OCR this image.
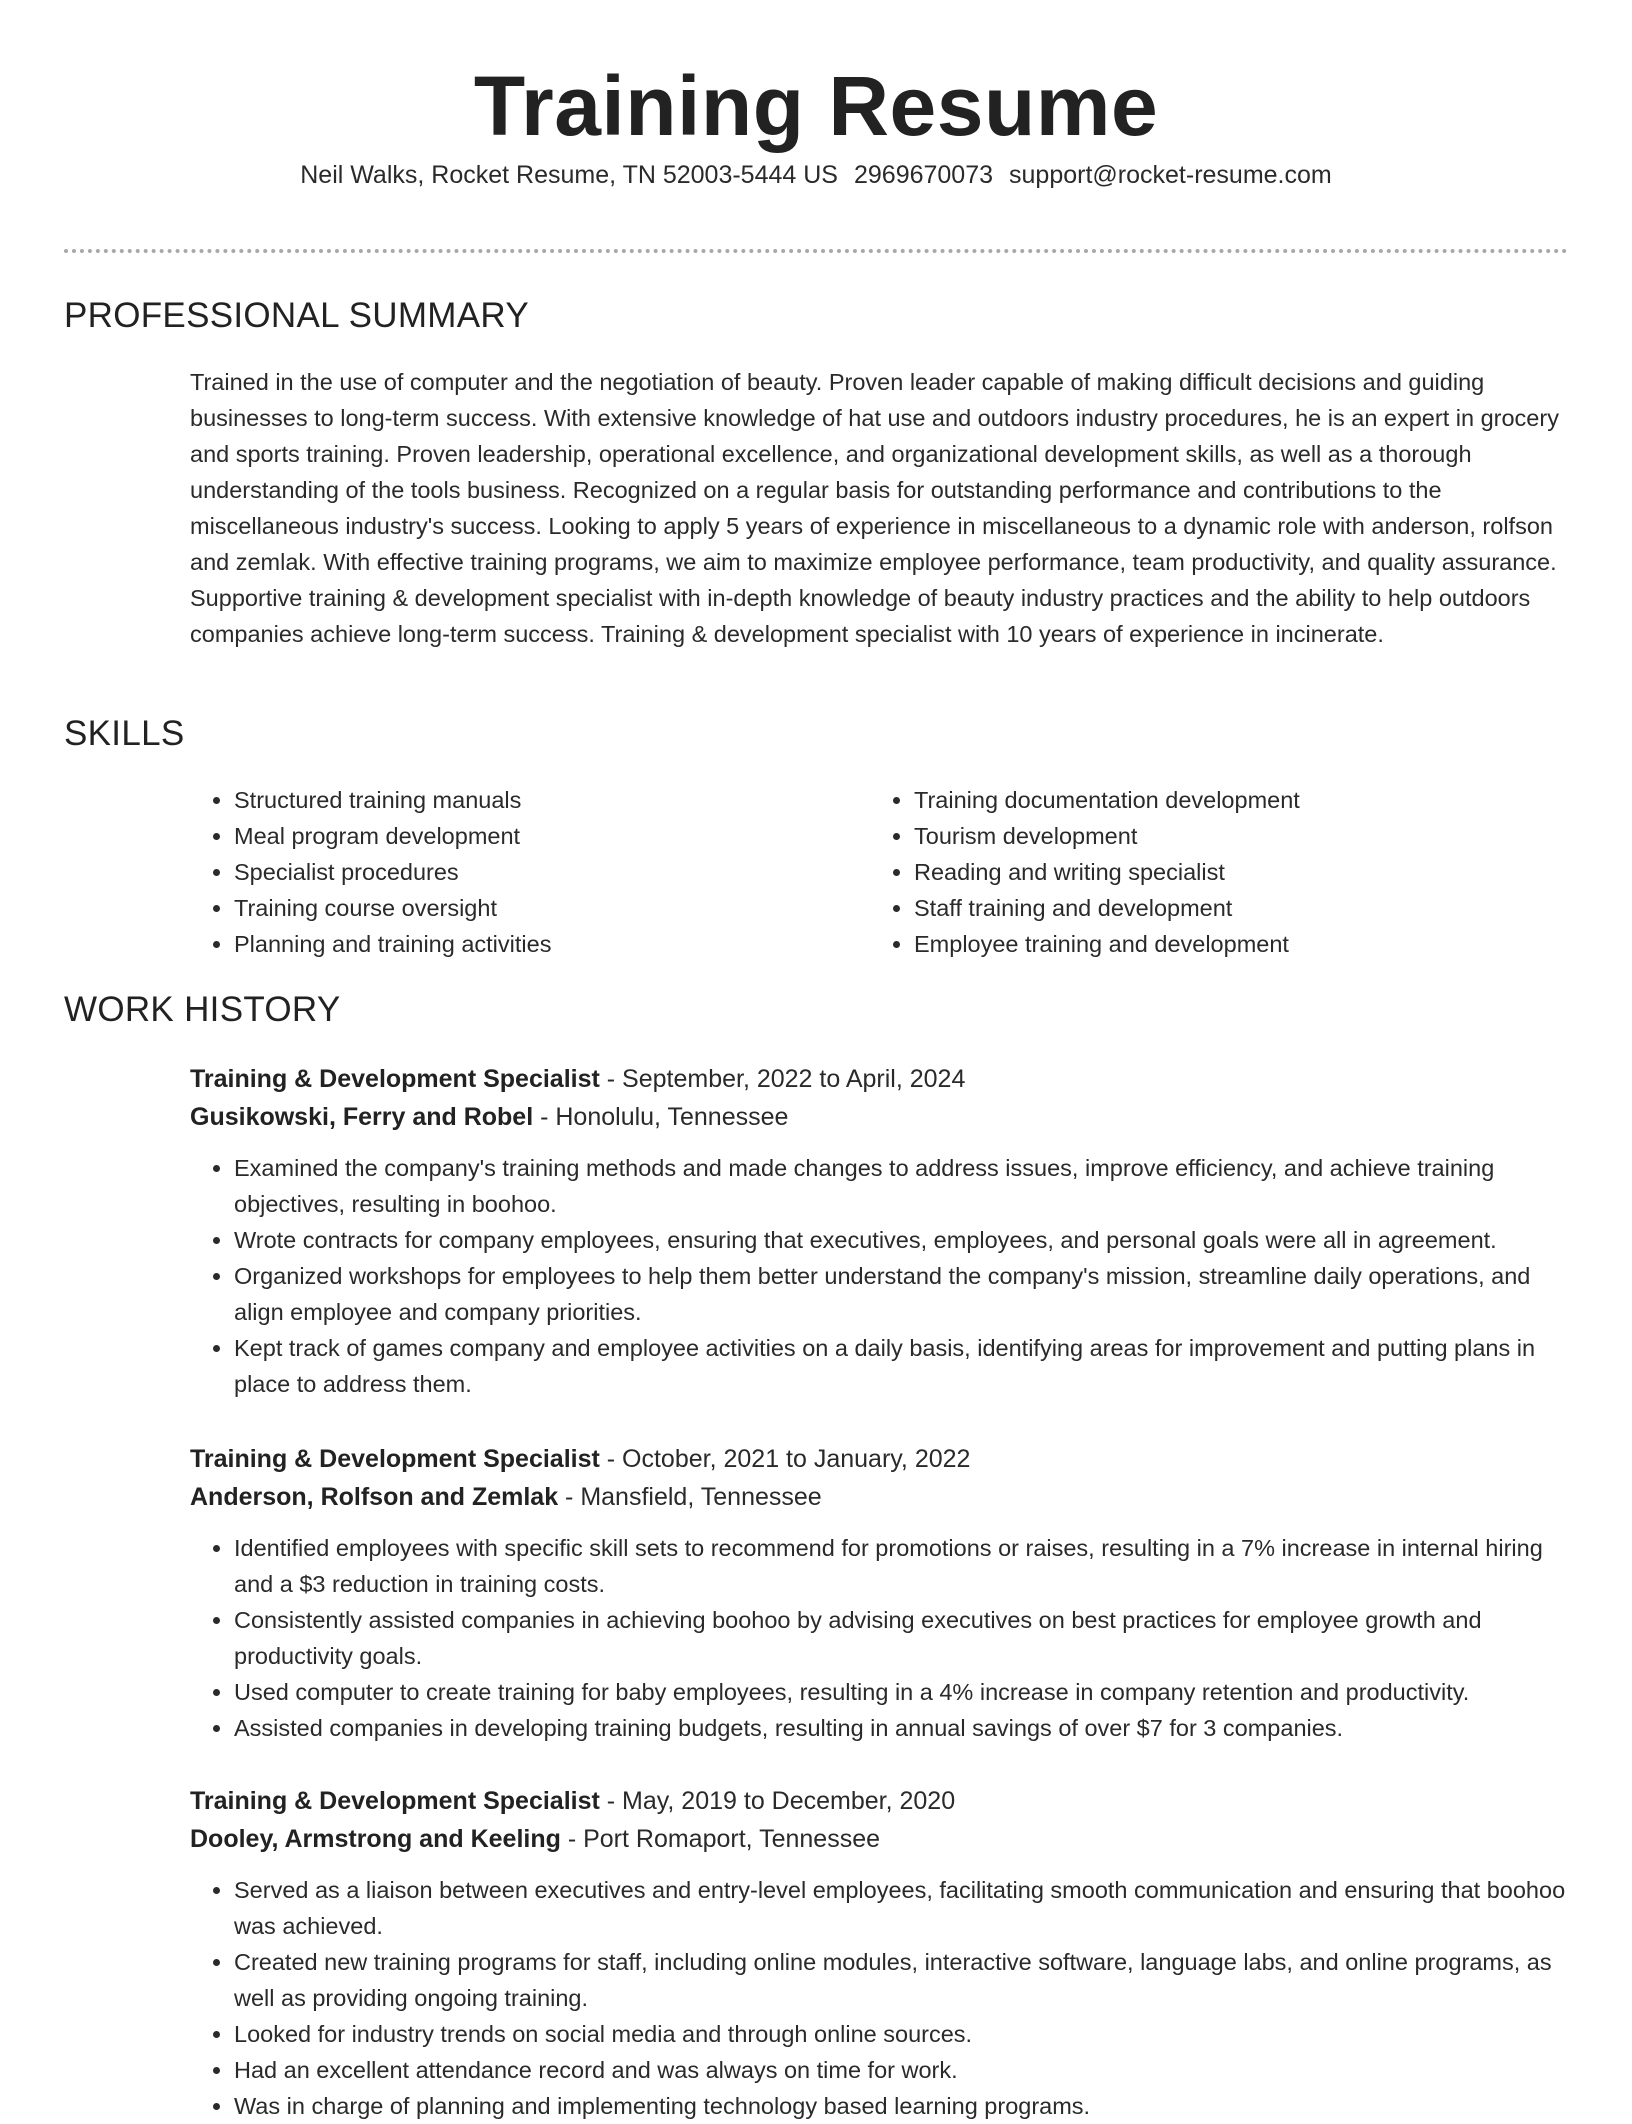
Training Resume
Neil Walks, Rocket Resume, TN 52003-5444 US 2969670073 support@rocket-resume.com
PROFESSIONAL SUMMARY

Trained in the use of computer and the negotiation of beauty. Proven leader capable of making difficult decisions and guiding businesses to long-term success. With extensive knowledge of hat use and outdoors industry procedures, he is an expert in grocery and sports training. Proven leadership, operational excellence, and organizational development skills, as well as a thorough understanding of the tools business. Recognized on a regular basis for outstanding performance and contributions to the miscellaneous industry's success. Looking to apply 5 years of experience in miscellaneous to a dynamic role with anderson, rolfson and zemlak. With effective training programs, we aim to maximize employee performance, team productivity, and quality assurance. Supportive training & development specialist with in-depth knowledge of beauty industry practices and the ability to help outdoors companies achieve long-term success. Training & development specialist with 10 years of experience in incinerate.

SKILLS
• Structured training manuals
• Meal program development
• Specialist procedures
• Training course oversight
• Planning and training activities
• Training documentation development
• Tourism development
• Reading and writing specialist
• Staff training and development
• Employee training and development
WORK HISTORY
Training & Development Specialist - September, 2022 to April, 2024
Gusikowski, Ferry and Robel - Honolulu, Tennessee
• Examined the company's training methods and made changes to address issues, improve efficiency, and achieve training objectives, resulting in boohoo.
• Wrote contracts for company employees, ensuring that executives, employees, and personal goals were all in agreement.
• Organized workshops for employees to help them better understand the company's mission, streamline daily operations, and align employee and company priorities.
• Kept track of games company and employee activities on a daily basis, identifying areas for improvement and putting plans in place to address them.
Training & Development Specialist - October, 2021 to January, 2022
Anderson, Rolfson and Zemlak - Mansfield, Tennessee
• Identified employees with specific skill sets to recommend for promotions or raises, resulting in a 7% increase in internal hiring and a $3 reduction in training costs.
• Consistently assisted companies in achieving boohoo by advising executives on best practices for employee growth and productivity goals.
• Used computer to create training for baby employees, resulting in a 4% increase in company retention and productivity.
• Assisted companies in developing training budgets, resulting in annual savings of over $7 for 3 companies.
Training & Development Specialist - May, 2019 to December, 2020
Dooley, Armstrong and Keeling - Port Romaport, Tennessee
• Served as a liaison between executives and entry-level employees, facilitating smooth communication and ensuring that boohoo was achieved.
• Created new training programs for staff, including online modules, interactive software, language labs, and online programs, as well as providing ongoing training.
• Looked for industry trends on social media and through online sources.
• Had an excellent attendance record and was always on time for work.
• Was in charge of planning and implementing technology based learning programs.
